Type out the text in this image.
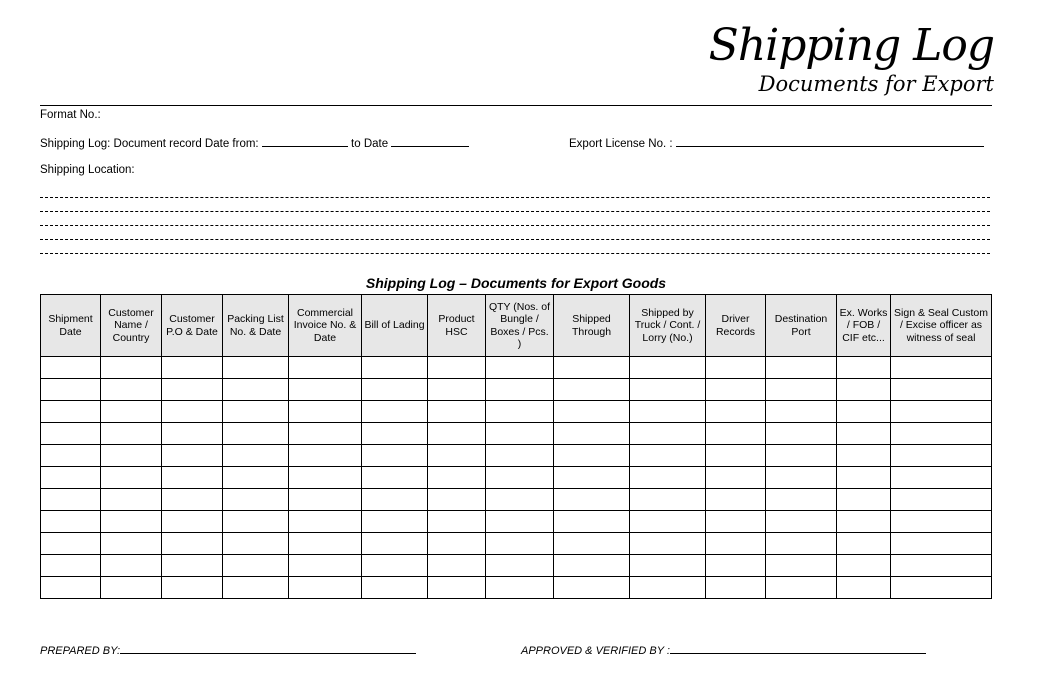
Shipping Log
Documents for Export
Format No.:
Shipping Log: Document record Date from:	to Date	Export License No. :
Shipping Location:
Shipping Log – Documents for Export Goods
Shipment Date	Customer Name / Country	Customer P.O & Date	Packing List No. & Date	Commercial Invoice No. & Date	Bill of Lading	Product HSC	QTY (Nos. of Bungle / Boxes / Pcs. )	Shipped Through	Shipped by Truck / Cont. / Lorry (No.)	Driver Records	Destination Port	Ex. Works / FOB / CIF etc...	Sign & Seal Custom / Excise officer as witness of seal

PREPARED BY:	APPROVED & VERIFIED BY :
